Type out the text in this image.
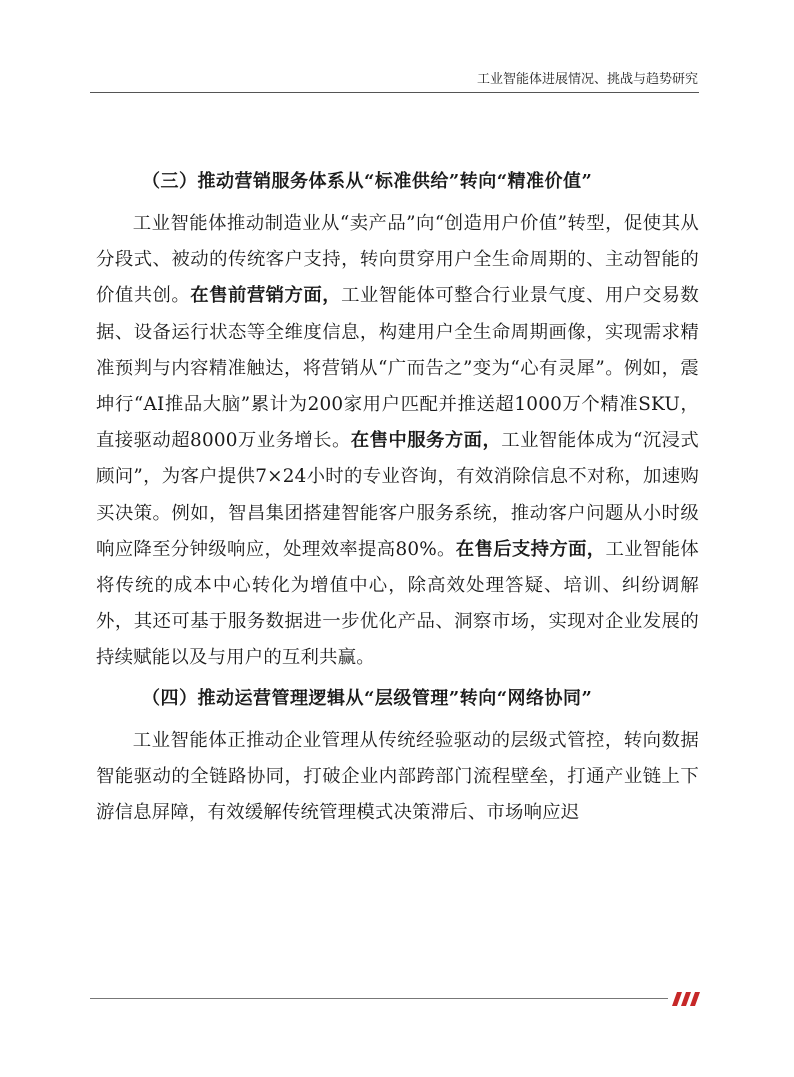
工业智能体进展情况、挑战与趋势研究
（三）推动营销服务体系从“标准供给”转向“精准价值”

工业智能体推动制造业从“卖产品”向“创造用户价值”转型，促使其从分段式、被动的传统客户支持，转向贯穿用户全生命周期的、主动智能的价值共创。在售前营销方面，工业智能体可整合行业景气度、用户交易数据、设备运行状态等全维度信息，构建用户全生命周期画像，实现需求精准预判与内容精准触达，将营销从“广而告之”变为“心有灵犀”。例如，震坤行“AI推品大脑”累计为200家用户匹配并推送超1000万个精准SKU，直接驱动超8000万业务增长。在售中服务方面，工业智能体成为“沉浸式顾问”，为客户提供7×24小时的专业咨询，有效消除信息不对称，加速购买决策。例如，智昌集团搭建智能客户服务系统，推动客户问题从小时级响应降至分钟级响应，处理效率提高80%。在售后支持方面，工业智能体将传统的成本中心转化为增值中心，除高效处理答疑、培训、纠纷调解外，其还可基于服务数据进一步优化产品、洞察市场，实现对企业发展的持续赋能以及与用户的互利共赢。

（四）推动运营管理逻辑从“层级管理”转向“网络协同”

工业智能体正推动企业管理从传统经验驱动的层级式管控，转向数据智能驱动的全链路协同，打破企业内部跨部门流程壁垒，打通产业链上下游信息屏障，有效缓解传统管理模式决策滞后、市场响应迟
